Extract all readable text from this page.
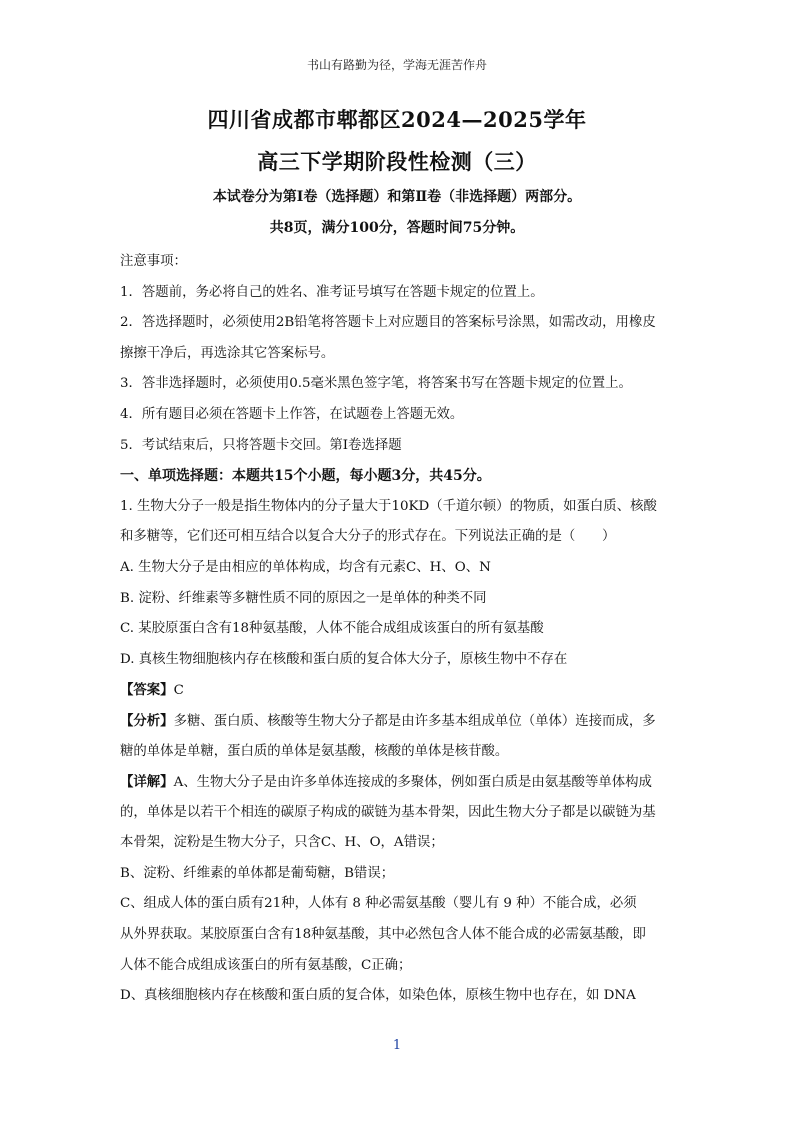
书山有路勤为径，学海无涯苦作舟
四川省成都市郫都区2024—2025学年
高三下学期阶段性检测（三）
本试卷分为第Ⅰ卷（选择题）和第Ⅱ卷（非选择题）两部分。
共8页，满分100分，答题时间75分钟。
注意事项：
1．答题前，务必将自己的姓名、准考证号填写在答题卡规定的位置上。
2．答选择题时，必须使用2B铅笔将答题卡上对应题目的答案标号涂黑，如需改动，用橡皮
擦擦干净后，再选涂其它答案标号。
3．答非选择题时，必须使用0.5毫米黑色签字笔，将答案书写在答题卡规定的位置上。
4．所有题目必须在答题卡上作答，在试题卷上答题无效。
5．考试结束后，只将答题卡交回。第Ⅰ卷选择题
一、单项选择题：本题共15个小题，每小题3分，共45分。
1. 生物大分子一般是指生物体内的分子量大于10KD（千道尔顿）的物质，如蛋白质、核酸
和多糖等，它们还可相互结合以复合大分子的形式存在。下列说法正确的是（　　）
A. 生物大分子是由相应的单体构成，均含有元素C、H、O、N
B. 淀粉、纤维素等多糖性质不同的原因之一是单体的种类不同
C. 某胶原蛋白含有18种氨基酸，人体不能合成组成该蛋白的所有氨基酸
D. 真核生物细胞核内存在核酸和蛋白质的复合体大分子，原核生物中不存在
【答案】C
【分析】多糖、蛋白质、核酸等生物大分子都是由许多基本组成单位（单体）连接而成，多
糖的单体是单糖，蛋白质的单体是氨基酸，核酸的单体是核苷酸。
【详解】A、生物大分子是由许多单体连接成的多聚体，例如蛋白质是由氨基酸等单体构成
的，单体是以若干个相连的碳原子构成的碳链为基本骨架，因此生物大分子都是以碳链为基
本骨架，淀粉是生物大分子，只含C、H、O，A错误；
B、淀粉、纤维素的单体都是葡萄糖，B错误；
C、组成人体的蛋白质有21种，人体有 8 种必需氨基酸（婴儿有 9 种）不能合成，必须
从外界获取。某胶原蛋白含有18种氨基酸，其中必然包含人体不能合成的必需氨基酸，即
人体不能合成组成该蛋白的所有氨基酸，C正确；
D、真核细胞核内存在核酸和蛋白质的复合体，如染色体，原核生物中也存在，如 DNA
1
